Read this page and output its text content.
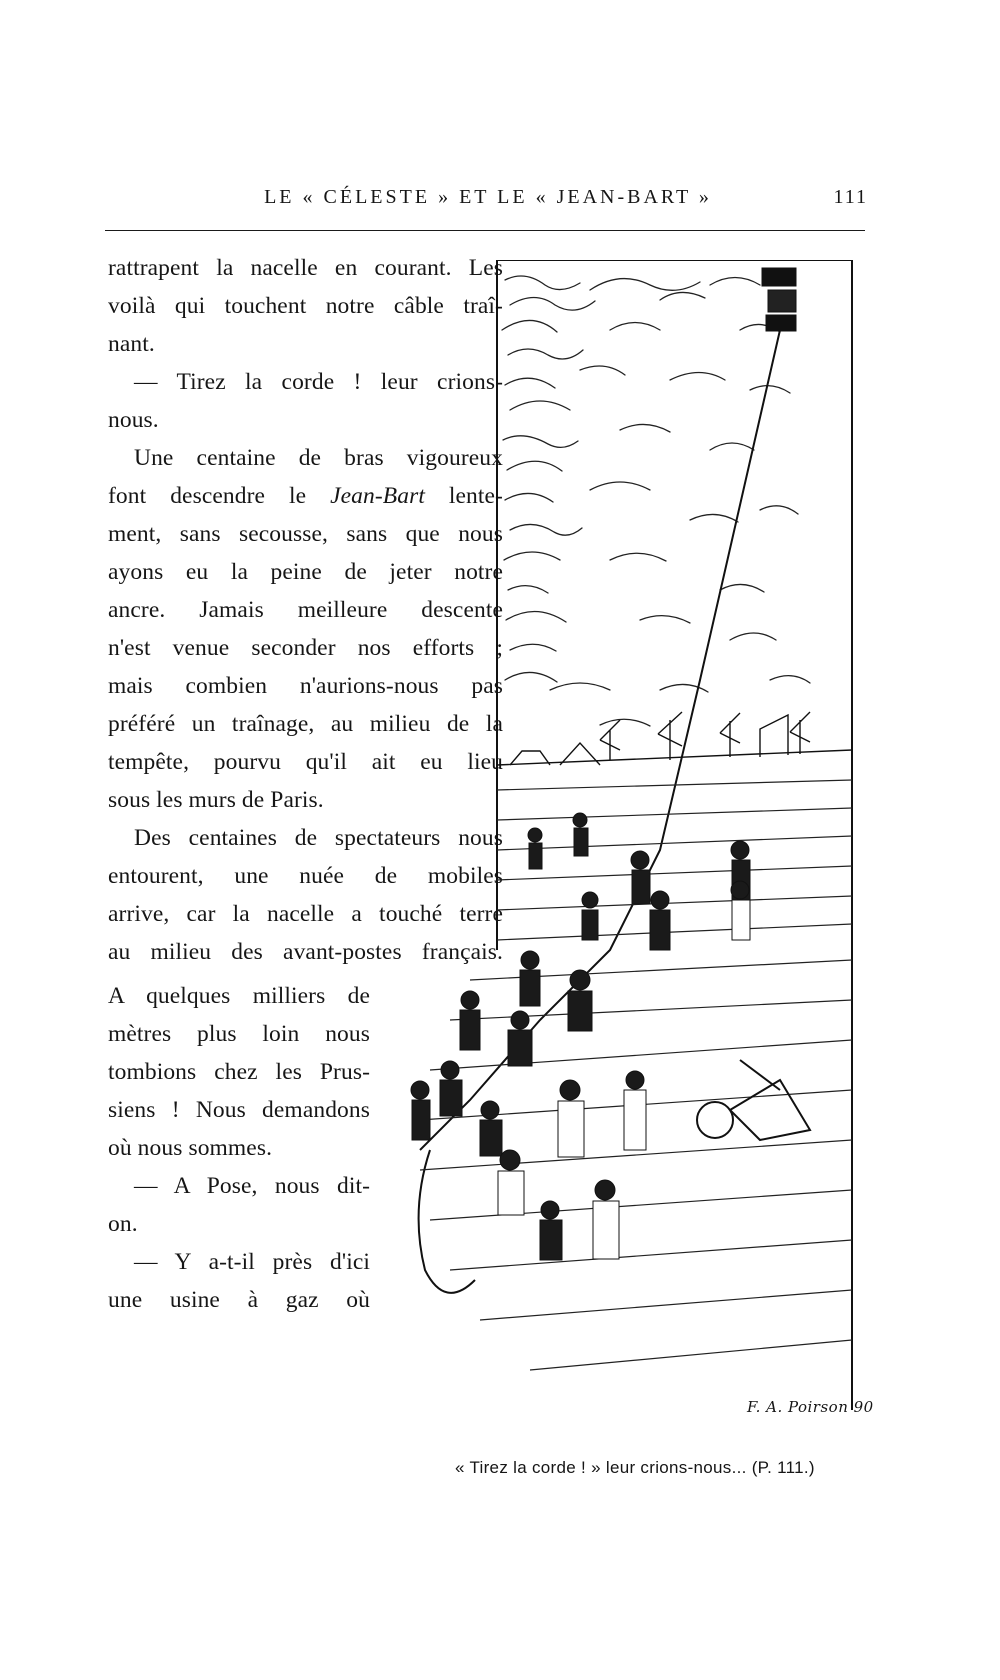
LE « CÉLESTE » ET LE « JEAN-BART »	111
rattrapent la nacelle en courant. Les
voilà qui touchent notre câble traî-
nant.
— Tirez la corde ! leur crions-
nous.
Une centaine de bras vigoureux
font descendre le Jean-Bart lente-
ment, sans secousse, sans que nous
ayons eu la peine de jeter notre
ancre. Jamais meilleure descente
n'est venue seconder nos efforts ;
mais combien n'aurions-nous pas
préféré un traînage, au milieu de la
tempête, pourvu qu'il ait eu lieu
sous les murs de Paris.
Des centaines de spectateurs nous
entourent, une nuée de mobiles
arrive, car la nacelle a touché terre
au milieu des avant-postes français.
A quelques milliers de
mètres plus loin nous
tombions chez les Prus-
siens ! Nous demandons
où nous sommes.
— A Pose, nous dit-
on.
— Y a-t-il près d'ici
une usine à gaz où
F. A. Poirson 90
« Tirez la corde ! » leur crions-nous... (P. 111.)
